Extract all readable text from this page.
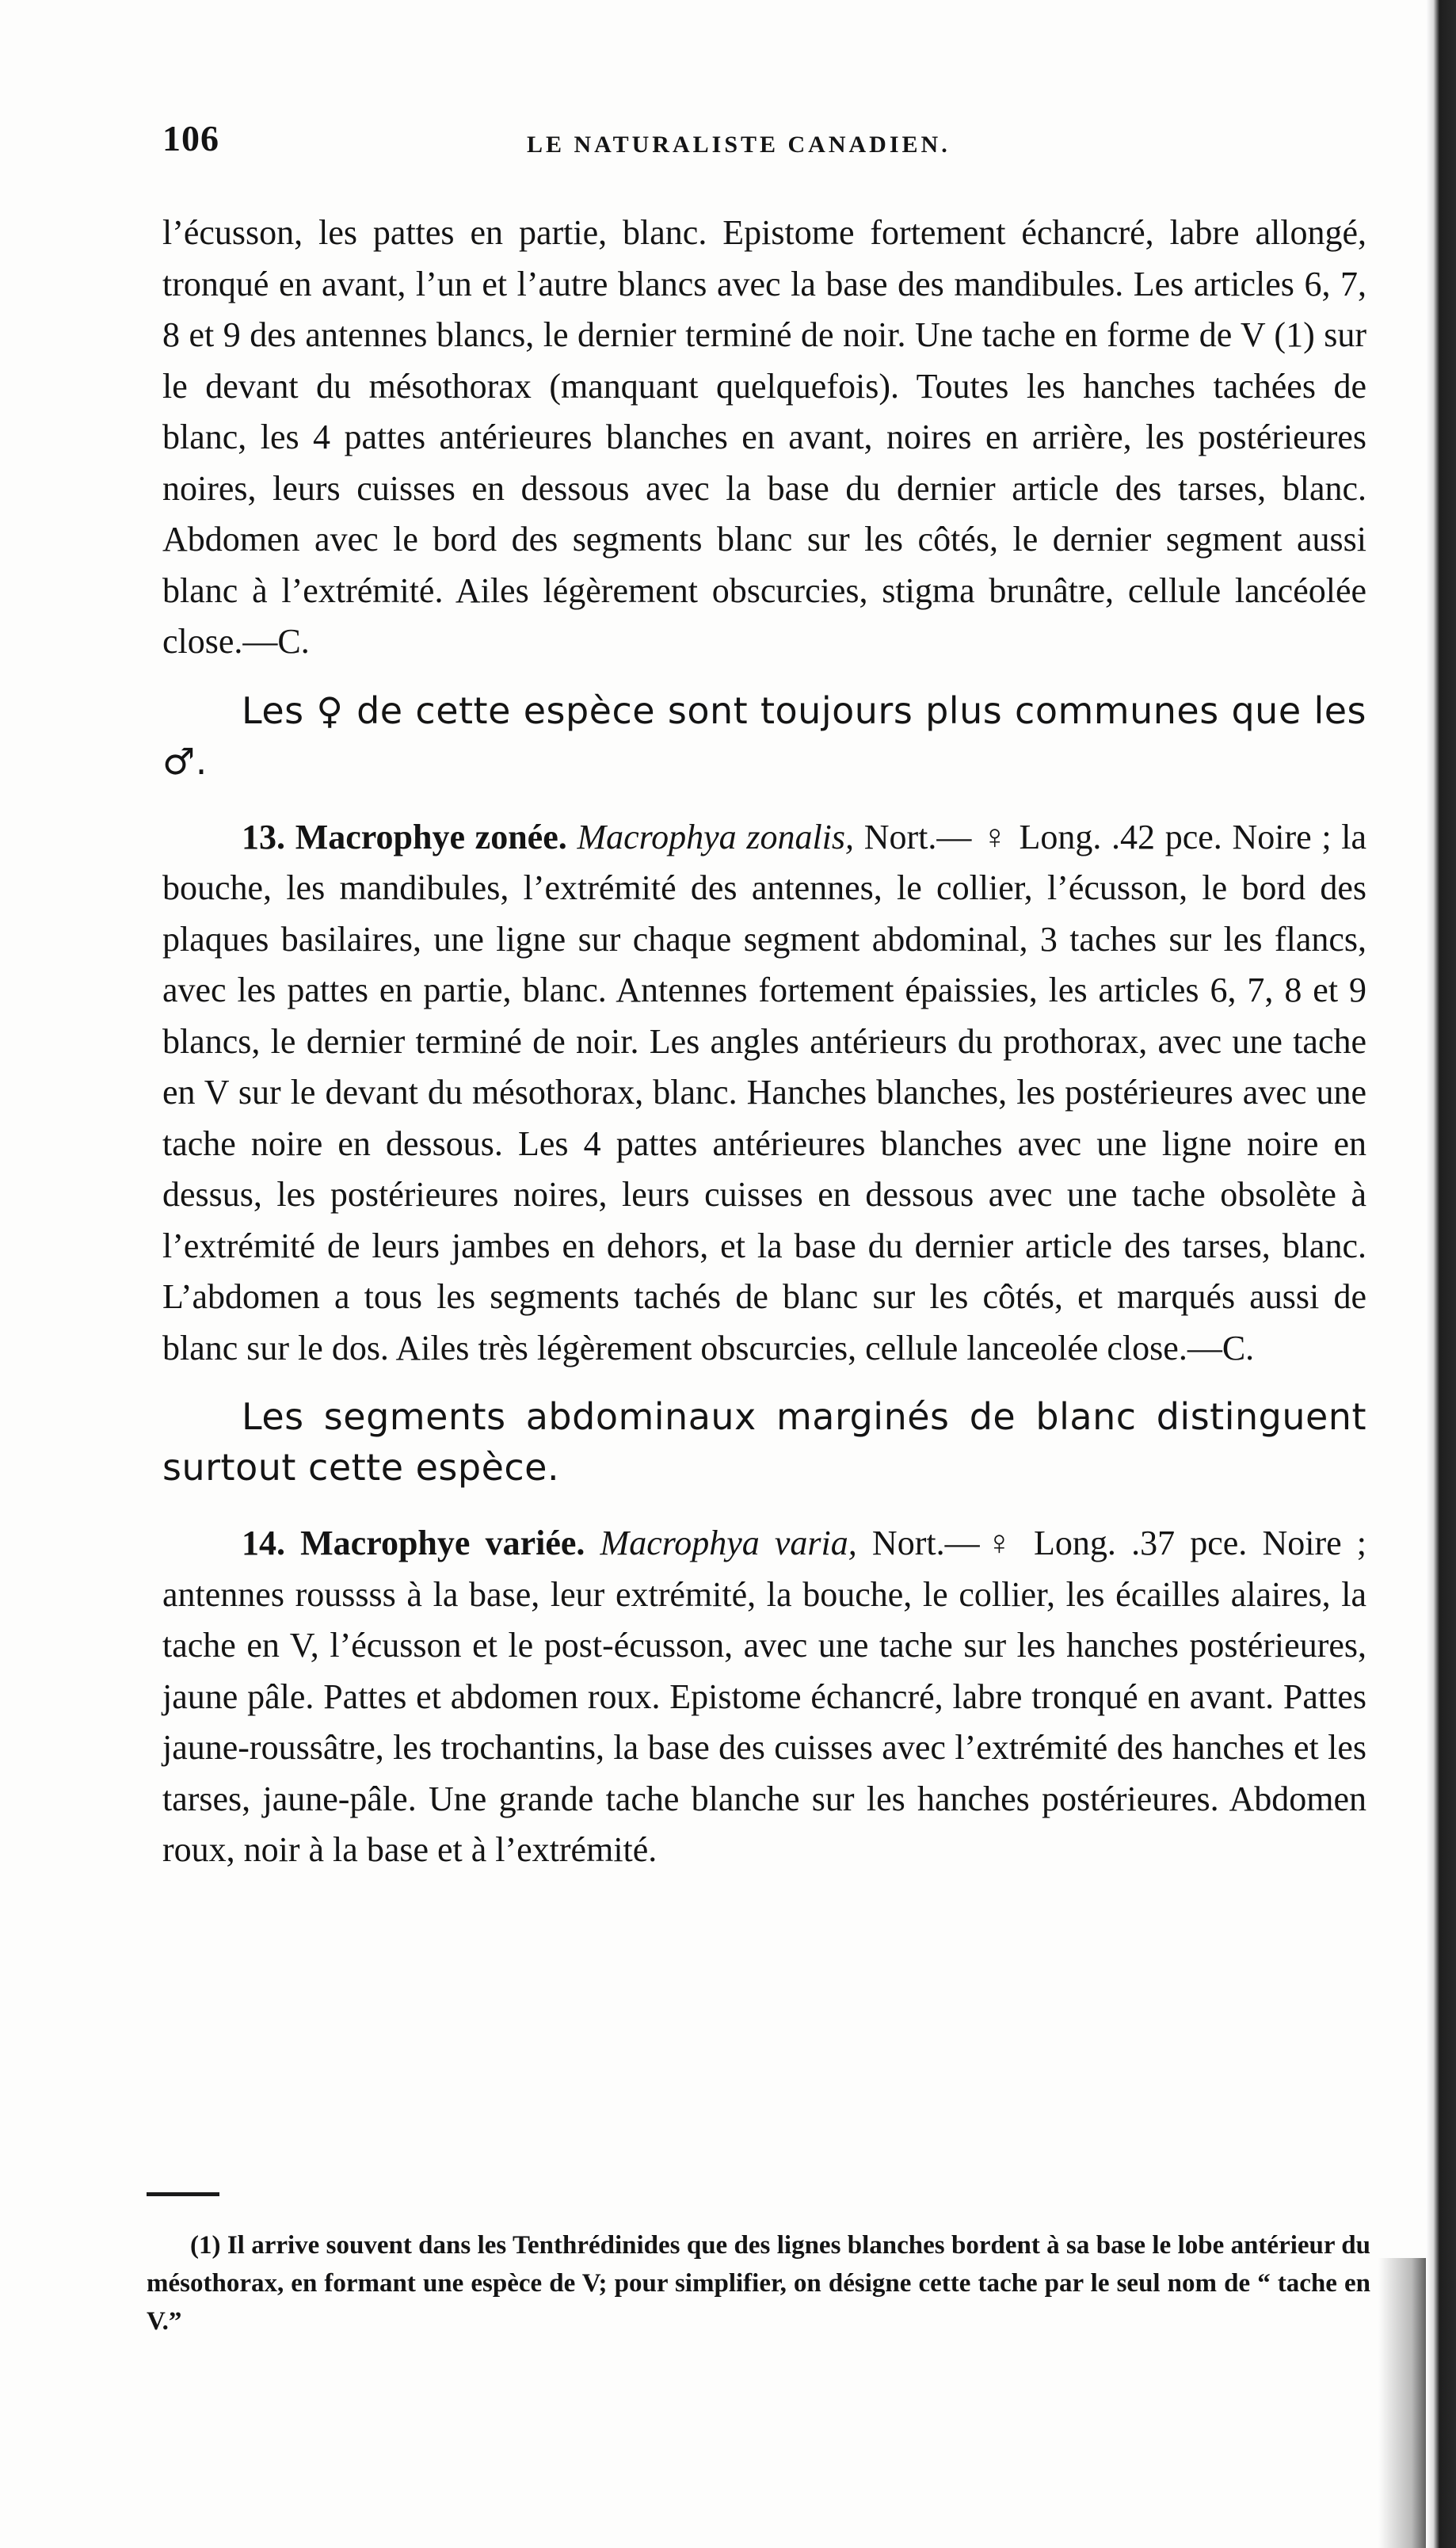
106	LE NATURALISTE CANADIEN.

l’écusson, les pattes en partie, blanc. Epistome fortement échancré, labre allongé, tronqué en avant, l’un et l’autre blancs avec la base des mandibules. Les articles 6, 7, 8 et 9 des antennes blancs, le dernier terminé de noir. Une tache en forme de V (1) sur le devant du mésothorax (manquant quelquefois). Toutes les hanches tachées de blanc, les 4 pattes antérieures blanches en avant, noires en arrière, les postérieures noires, leurs cuisses en dessous avec la base du dernier article des tarses, blanc. Abdomen avec le bord des segments blanc sur les côtés, le dernier segment aussi blanc à l’extrémité. Ailes légèrement obscurcies, stigma brunâtre, cellule lancéolée close.—C.

Les ♀ de cette espèce sont toujours plus communes que les ♂.

13. Macrophye zonée. Macrophya zonalis, Nort.— ♀ Long. .42 pce. Noire ; la bouche, les mandibules, l’extrémité des antennes, le collier, l’écusson, le bord des plaques basilaires, une ligne sur chaque segment abdominal, 3 taches sur les flancs, avec les pattes en partie, blanc. Antennes fortement épaissies, les articles 6, 7, 8 et 9 blancs, le dernier terminé de noir. Les angles antérieurs du prothorax, avec une tache en V sur le devant du mésothorax, blanc. Hanches blanches, les postérieures avec une tache noire en dessous. Les 4 pattes antérieures blanches avec une ligne noire en dessus, les postérieures noires, leurs cuisses en dessous avec une tache obsolète à l’extrémité de leurs jambes en dehors, et la base du dernier article des tarses, blanc. L’abdomen a tous les segments tachés de blanc sur les côtés, et marqués aussi de blanc sur le dos. Ailes très légèrement obscurcies, cellule lanceolée close.—C.

Les segments abdominaux marginés de blanc distinguent surtout cette espèce.

14. Macrophye variée. Macrophya varia, Nort.—♀ Long. .37 pce. Noire ; antennes roussss à la base, leur extrémité, la bouche, le collier, les écailles alaires, la tache en V, l’écusson et le post-écusson, avec une tache sur les hanches postérieures, jaune pâle. Pattes et abdomen roux. Epistome échancré, labre tronqué en avant. Pattes jaune-roussâtre, les trochantins, la base des cuisses avec l’extrémité des hanches et les tarses, jaune-pâle. Une grande tache blanche sur les hanches postérieures. Abdomen roux, noir à la base et à l’extrémité.

(1) Il arrive souvent dans les Tenthrédinides que des lignes blanches bordent à sa base le lobe antérieur du mésothorax, en formant une espèce de V; pour simplifier, on désigne cette tache par le seul nom de “ tache en V.”
